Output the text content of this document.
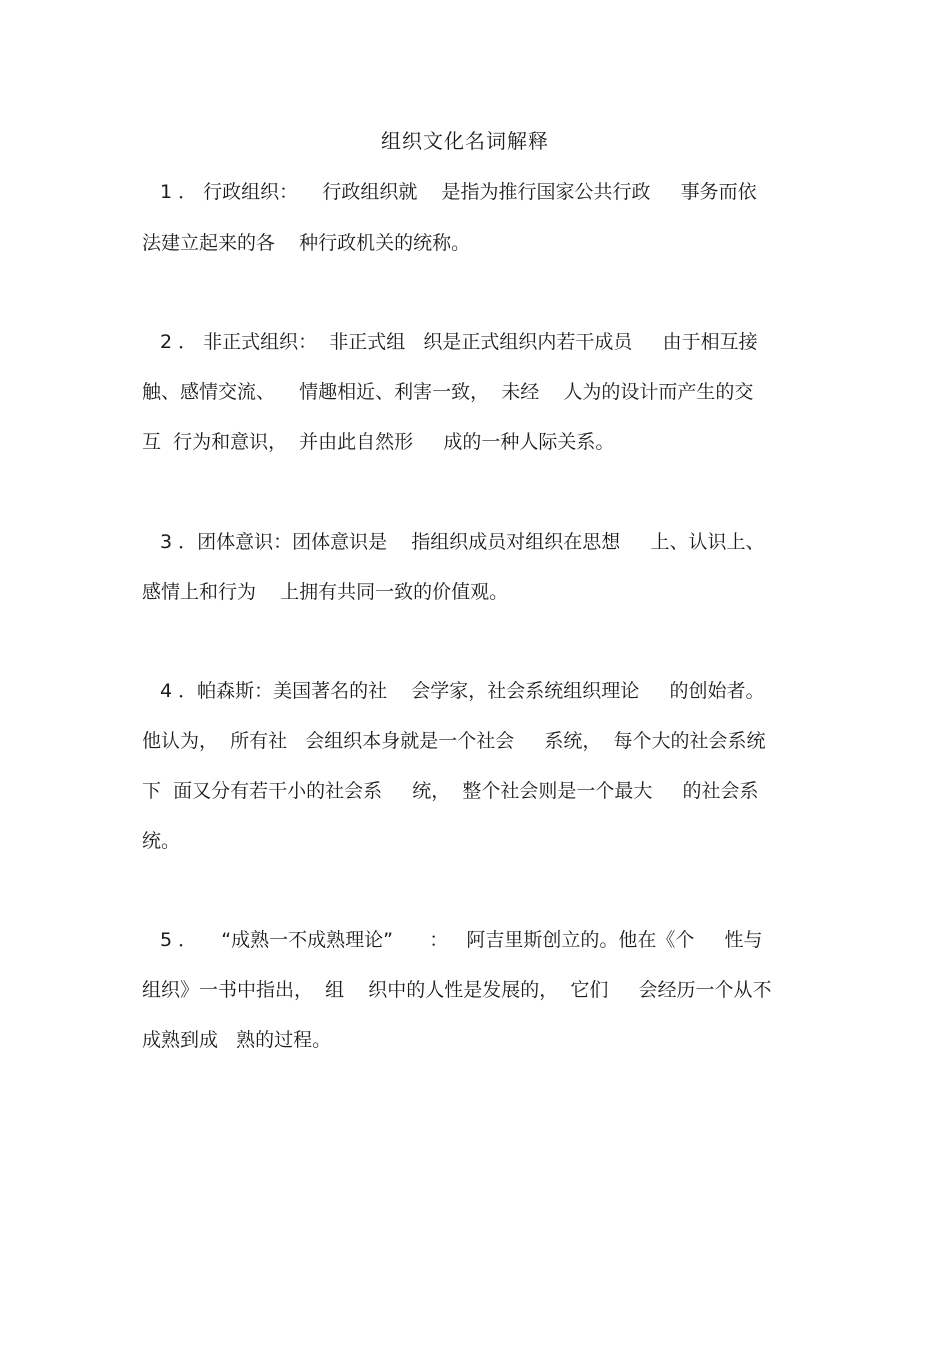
组织文化名词解释
1 ． 行政组织：    行政组织就    是指为推行国家公共行政     事务而依
法建立起来的各    种行政机关的统称。
2 ． 非正式组织：  非正式组   织是正式组织内若干成员     由于相互接
触、感情交流、    情趣相近、利害一致，  未经    人为的设计而产生的交
互  行为和意识，  并由此自然形     成的一种人际关系。
3 ．团体意识：团体意识是    指组织成员对组织在思想     上、认识上、
感情上和行为    上拥有共同一致的价值观。
4 ．帕森斯：美国著名的社    会学家，社会系统组织理论     的创始者。
他认为，  所有社   会组织本身就是一个社会     系统，  每个大的社会系统
下  面又分有若干小的社会系     统，  整个社会则是一个最大     的社会系
统。
5 ．    “成熟一不成熟理论”      ：   阿吉里斯创立的。他在《个     性与
组织》一书中指出，  组    织中的人性是发展的，  它们     会经历一个从不
成熟到成   熟的过程。
